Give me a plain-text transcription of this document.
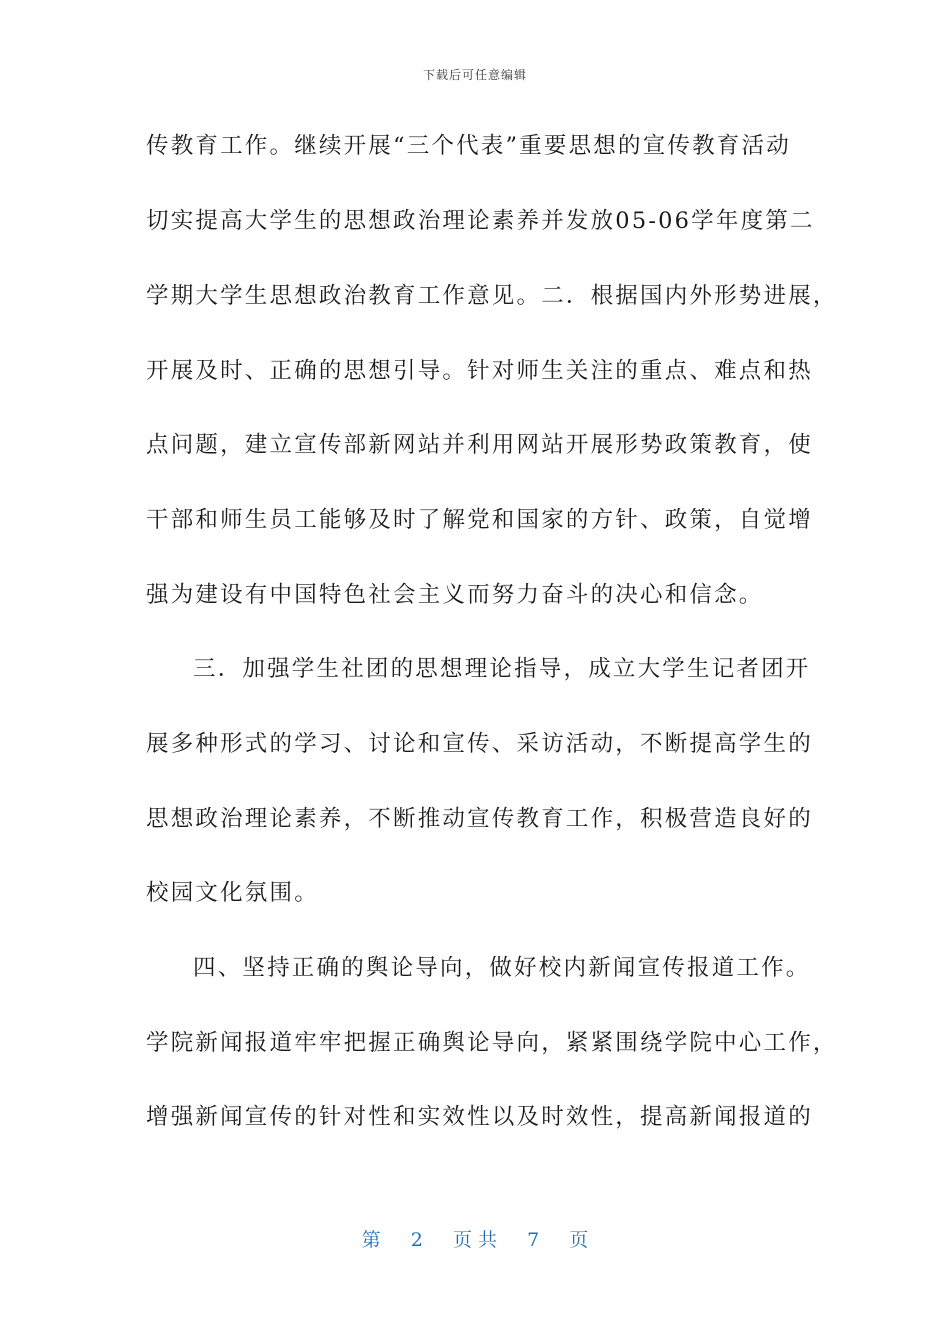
下载后可任意编辑
传教育工作。继续开展“三个代表”重要思想的宣传教育活动
切实提高大学生的思想政治理论素养并发放05-06学年度第二
学期大学生思想政治教育工作意见。二．根据国内外形势进展，
开展及时、正确的思想引导。针对师生关注的重点、难点和热
点问题，建立宣传部新网站并利用网站开展形势政策教育，使
干部和师生员工能够及时了解党和国家的方针、政策，自觉增
强为建设有中国特色社会主义而努力奋斗的决心和信念。
三．加强学生社团的思想理论指导，成立大学生记者团开
展多种形式的学习、讨论和宣传、采访活动，不断提高学生的
思想政治理论素养，不断推动宣传教育工作，积极营造良好的
校园文化氛围。
四、坚持正确的舆论导向，做好校内新闻宣传报道工作。
学院新闻报道牢牢把握正确舆论导向，紧紧围绕学院中心工作，
增强新闻宣传的针对性和实效性以及时效性，提高新闻报道的
第 2 页 共 7 页
